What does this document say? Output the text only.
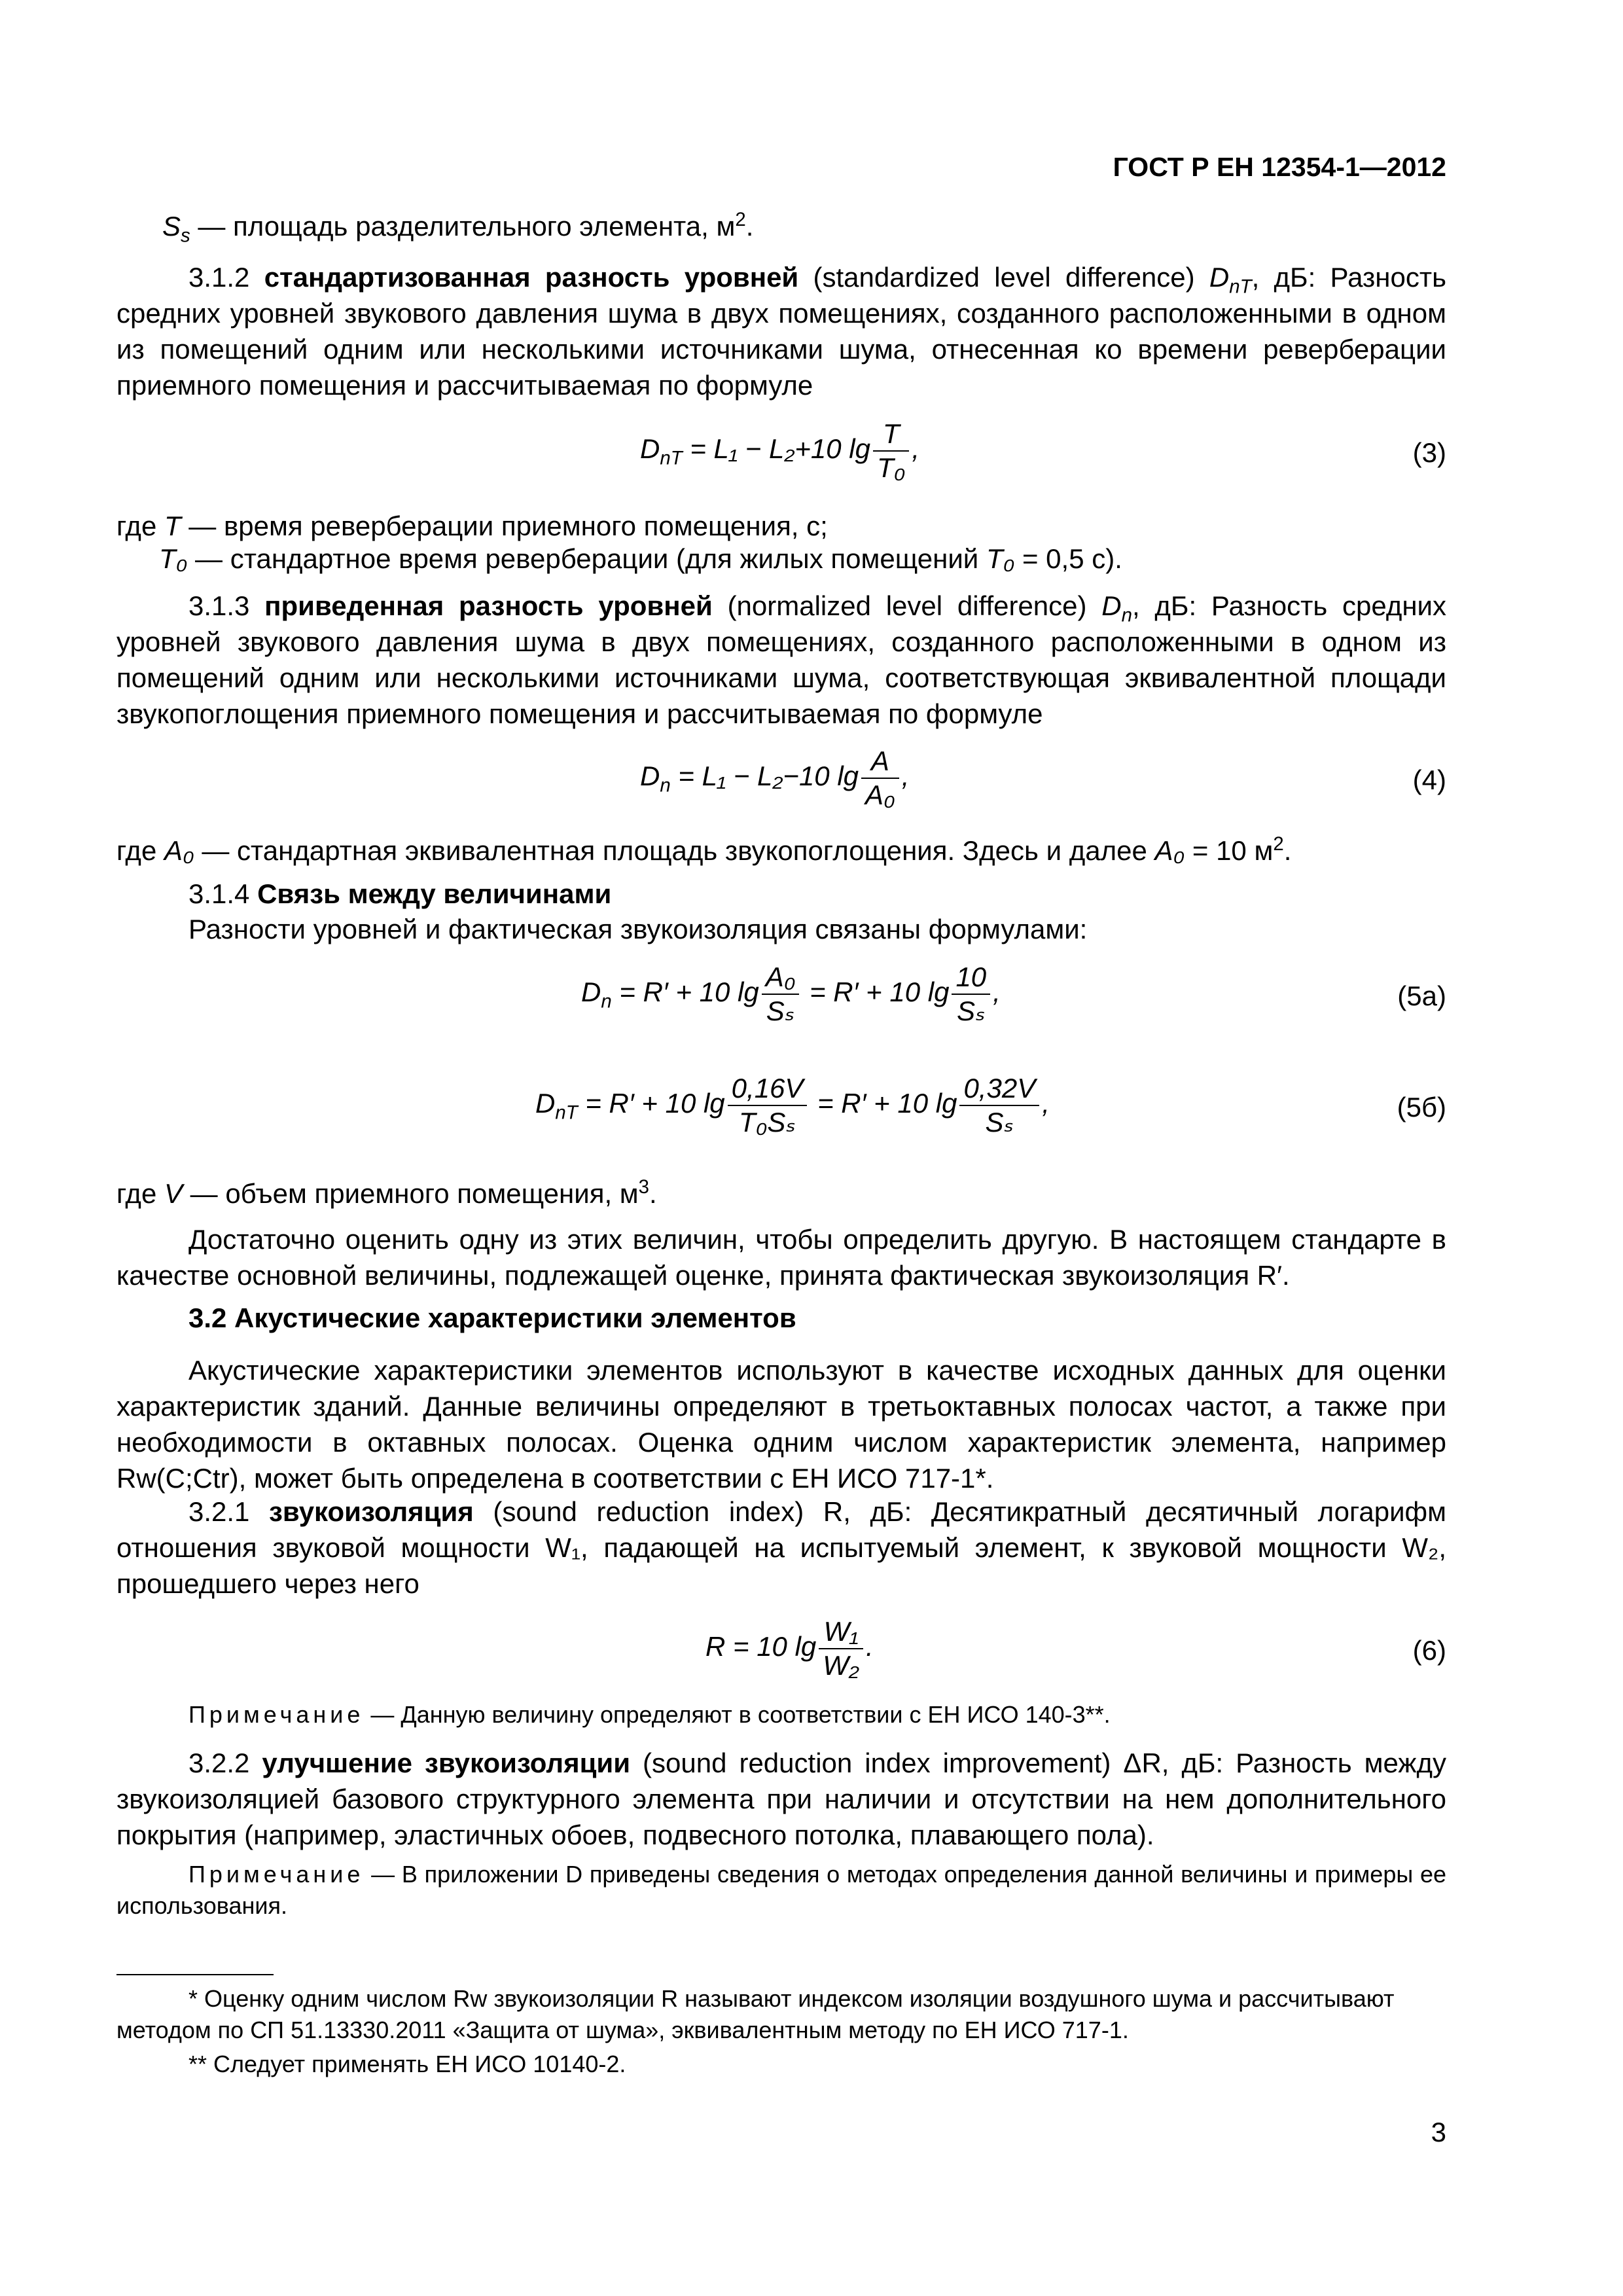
ГОСТ Р ЕН 12354-1—2012
$S_s$ — площадь разделительного элемента, $м^2$.

3.1.2 стандартизованная разность уровней (standardized level difference) $D_{nT}$, дБ: Разность средних уровней звукового давления шума в двух помещениях, созданного расположенными в одном из помещений одним или несколькими источниками шума, отнесенная ко времени реверберации приемного помещения и рассчитываемая по формуле

$D_{nT} = L_1 - L_2+10$ $\lg \frac{T}{\text{T₀}}$ ,	(3)
где T — время реверберации приемного помещения, с;
T₀ — стандартное время реверберации (для жилых помещений T₀ = 0,5 с).

3.1.3 приведенная разность уровней (normalized level difference) $D_n$, дБ: Разность средних уровней звукового давления шума в двух помещениях, созданного расположенными в одном из помещений одним или несколькими источниками шума, соответствующая эквивалентной площади звукопоглощения приемного помещения и рассчитываемая по формуле

$D_n = L_1 - L_2-10$ $\lg \frac{A}{\text{A₀}}$ ,	(4)
где A₀ — стандартная эквивалентная площадь звукопоглощения. Здесь и далее A₀ = 10 $м^2$.
3.1.4 Связь между величинами
Разности уровней и фактическая звукоизоляция связаны формулами:
$D_n = R' + 10$ $\lg \frac{\text{A₀}}{\text{Sₛ}} = R' + 10$ $\lg \frac{10}{\text{Sₛ}}$ ,	(5а)
$D_{nT} = R' + 10$ $\lg \frac{0,16V}{\text{T₀Sₛ}} = R' + 10$ $\lg \frac{0,32V}{\text{Sₛ}}$ ,	(5б)
где V — объем приемного помещения, $м^3$.

Достаточно оценить одну из этих величин, чтобы определить другую. В настоящем стандарте в качестве основной величины, подлежащей оценке, принята фактическая звукоизоляция R′.

3.2 Акустические характеристики элементов

Акустические характеристики элементов используют в качестве исходных данных для оценки характеристик зданий. Данные величины определяют в третьоктавных полосах частот, а также при необходимости в октавных полосах. Оценка одним числом характеристик элемента, например Rw(C;Ctr), может быть определена в соответствии с ЕН ИСО 717-1*.

3.2.1 звукоизоляция (sound reduction index) R, дБ: Десятикратный десятичный логарифм отношения звуковой мощности W₁, падающей на испытуемый элемент, к звуковой мощности W₂, прошедшего через него

R = 10 $\lg \frac{\text{W₁}}{\text{W₂}}$ .	(6)
Примечание — Данную величину определяют в соответствии с ЕН ИСО 140-3**.

3.2.2 улучшение звукоизоляции (sound reduction index improvement) ΔR, дБ: Разность между звукоизоляцией базового структурного элемента при наличии и отсутствии на нем дополнительного покрытия (например, эластичных обоев, подвесного потолка, плавающего пола).

Примечание — В приложении D приведены сведения о методах определения данной величины и примеры ее использования.

* Оценку одним числом Rw звукоизоляции R называют индексом изоляции воздушного шума и рассчитывают методом по СП 51.13330.2011 «Защита от шума», эквивалентным методу по ЕН ИСО 717-1.

** Следует применять ЕН ИСО 10140-2.

3
